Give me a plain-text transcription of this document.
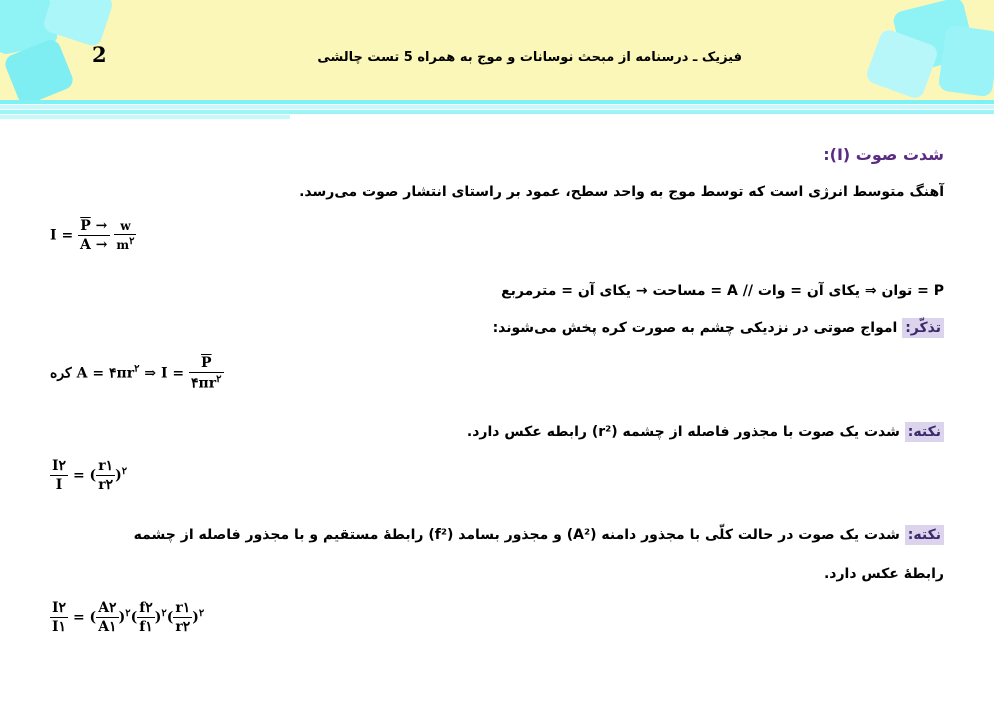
2	فیزیک ـ درسنامه از مبحث نوسانات و موج به همراه 5 تست چالشی
شدت صوت (I):
آهنگ متوسط انرژی است که توسط موج به واحد سطح، عمود بر راستای انتشار صوت می‌رسد.
$I = \frac{\overline{P} \to}{A \to}$
$\frac{w}{m^۲}$
P = توان ⇒ یکای آن = وات // A = مساحت → یکای آن = مترمربع
تذکّر: امواج صوتی در نزدیکی چشم به صورت کره پخش می‌شوند:
کره $A = ۴\pi r^۲$ ⇒ $I = \frac{\overline{P}}{۴\pi r^۲}$
نکته: شدت یک صوت با مجذور فاصله از چشمه (r²) رابطه عکس دارد.
$\frac{I۲}{I}$ = ( $\frac{r۱}{r۲} )^۲$
نکته: شدت یک صوت در حالت کلّی با مجذور دامنه (A²) و مجذور بسامد (f²) رابطهٔ مستقیم و با مجذور فاصله از چشمه
رابطهٔ عکس دارد.
$\frac{I۲}{I۱}$ = ( $\frac{A۲}{A۱} )^۲( \frac{f۲}{f۱} )^۲( \frac{r۱}{r۲} )^۲$
